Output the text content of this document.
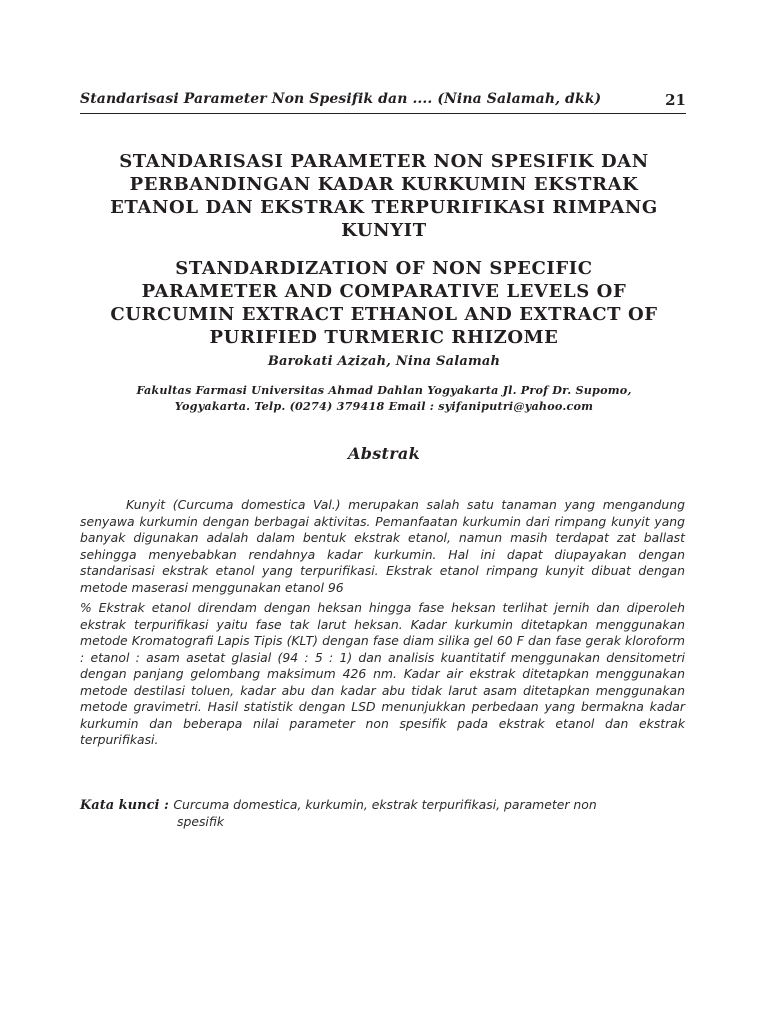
Standarisasi Parameter Non Spesifik dan .... (Nina Salamah, dkk)	21
STANDARISASI PARAMETER NON SPESIFIK DAN
PERBANDINGAN KADAR KURKUMIN EKSTRAK
ETANOL DAN EKSTRAK TERPURIFIKASI RIMPANG
KUNYIT
STANDARDIZATION OF NON SPECIFIC
PARAMETER AND COMPARATIVE LEVELS OF
CURCUMIN EXTRACT ETHANOL AND EXTRACT OF
PURIFIED TURMERIC RHIZOME
Barokati Azizah, Nina Salamah
Fakultas Farmasi Universitas Ahmad Dahlan Yogyakarta Jl. Prof Dr. Supomo,
Yogyakarta. Telp. (0274) 379418 Email : syifaniputri@yahoo.com
Abstrak
Kunyit (Curcuma domestica Val.) merupakan salah satu tanaman yang mengandung senyawa kurkumin dengan berbagai aktivitas. Pemanfaatan kurkumin dari rimpang kunyit yang banyak digunakan adalah dalam bentuk ekstrak etanol, namun masih terdapat zat ballast sehingga menyebabkan rendahnya kadar kurkumin. Hal ini dapat diupayakan dengan standarisasi ekstrak etanol yang terpurifikasi. Ekstrak etanol rimpang kunyit dibuat dengan metode maserasi menggunakan etanol 96
% Ekstrak etanol direndam dengan heksan hingga fase heksan terlihat jernih dan diperoleh ekstrak terpurifikasi yaitu fase tak larut heksan. Kadar kurkumin ditetapkan menggunakan metode Kromatografi Lapis Tipis (KLT) dengan fase diam silika gel 60 F dan fase gerak kloroform : etanol : asam asetat glasial (94 : 5 : 1) dan analisis kuantitatif menggunakan densitometri dengan panjang gelombang maksimum 426 nm. Kadar air ekstrak ditetapkan menggunakan metode destilasi toluen, kadar abu dan kadar abu tidak larut asam ditetapkan menggunakan metode gravimetri. Hasil statistik dengan LSD menunjukkan perbedaan yang bermakna kadar kurkumin dan beberapa nilai parameter non spesifik pada ekstrak etanol dan ekstrak terpurifikasi.
Kata kunci : Curcuma domestica, kurkumin, ekstrak terpurifikasi, parameter non
spesifik
